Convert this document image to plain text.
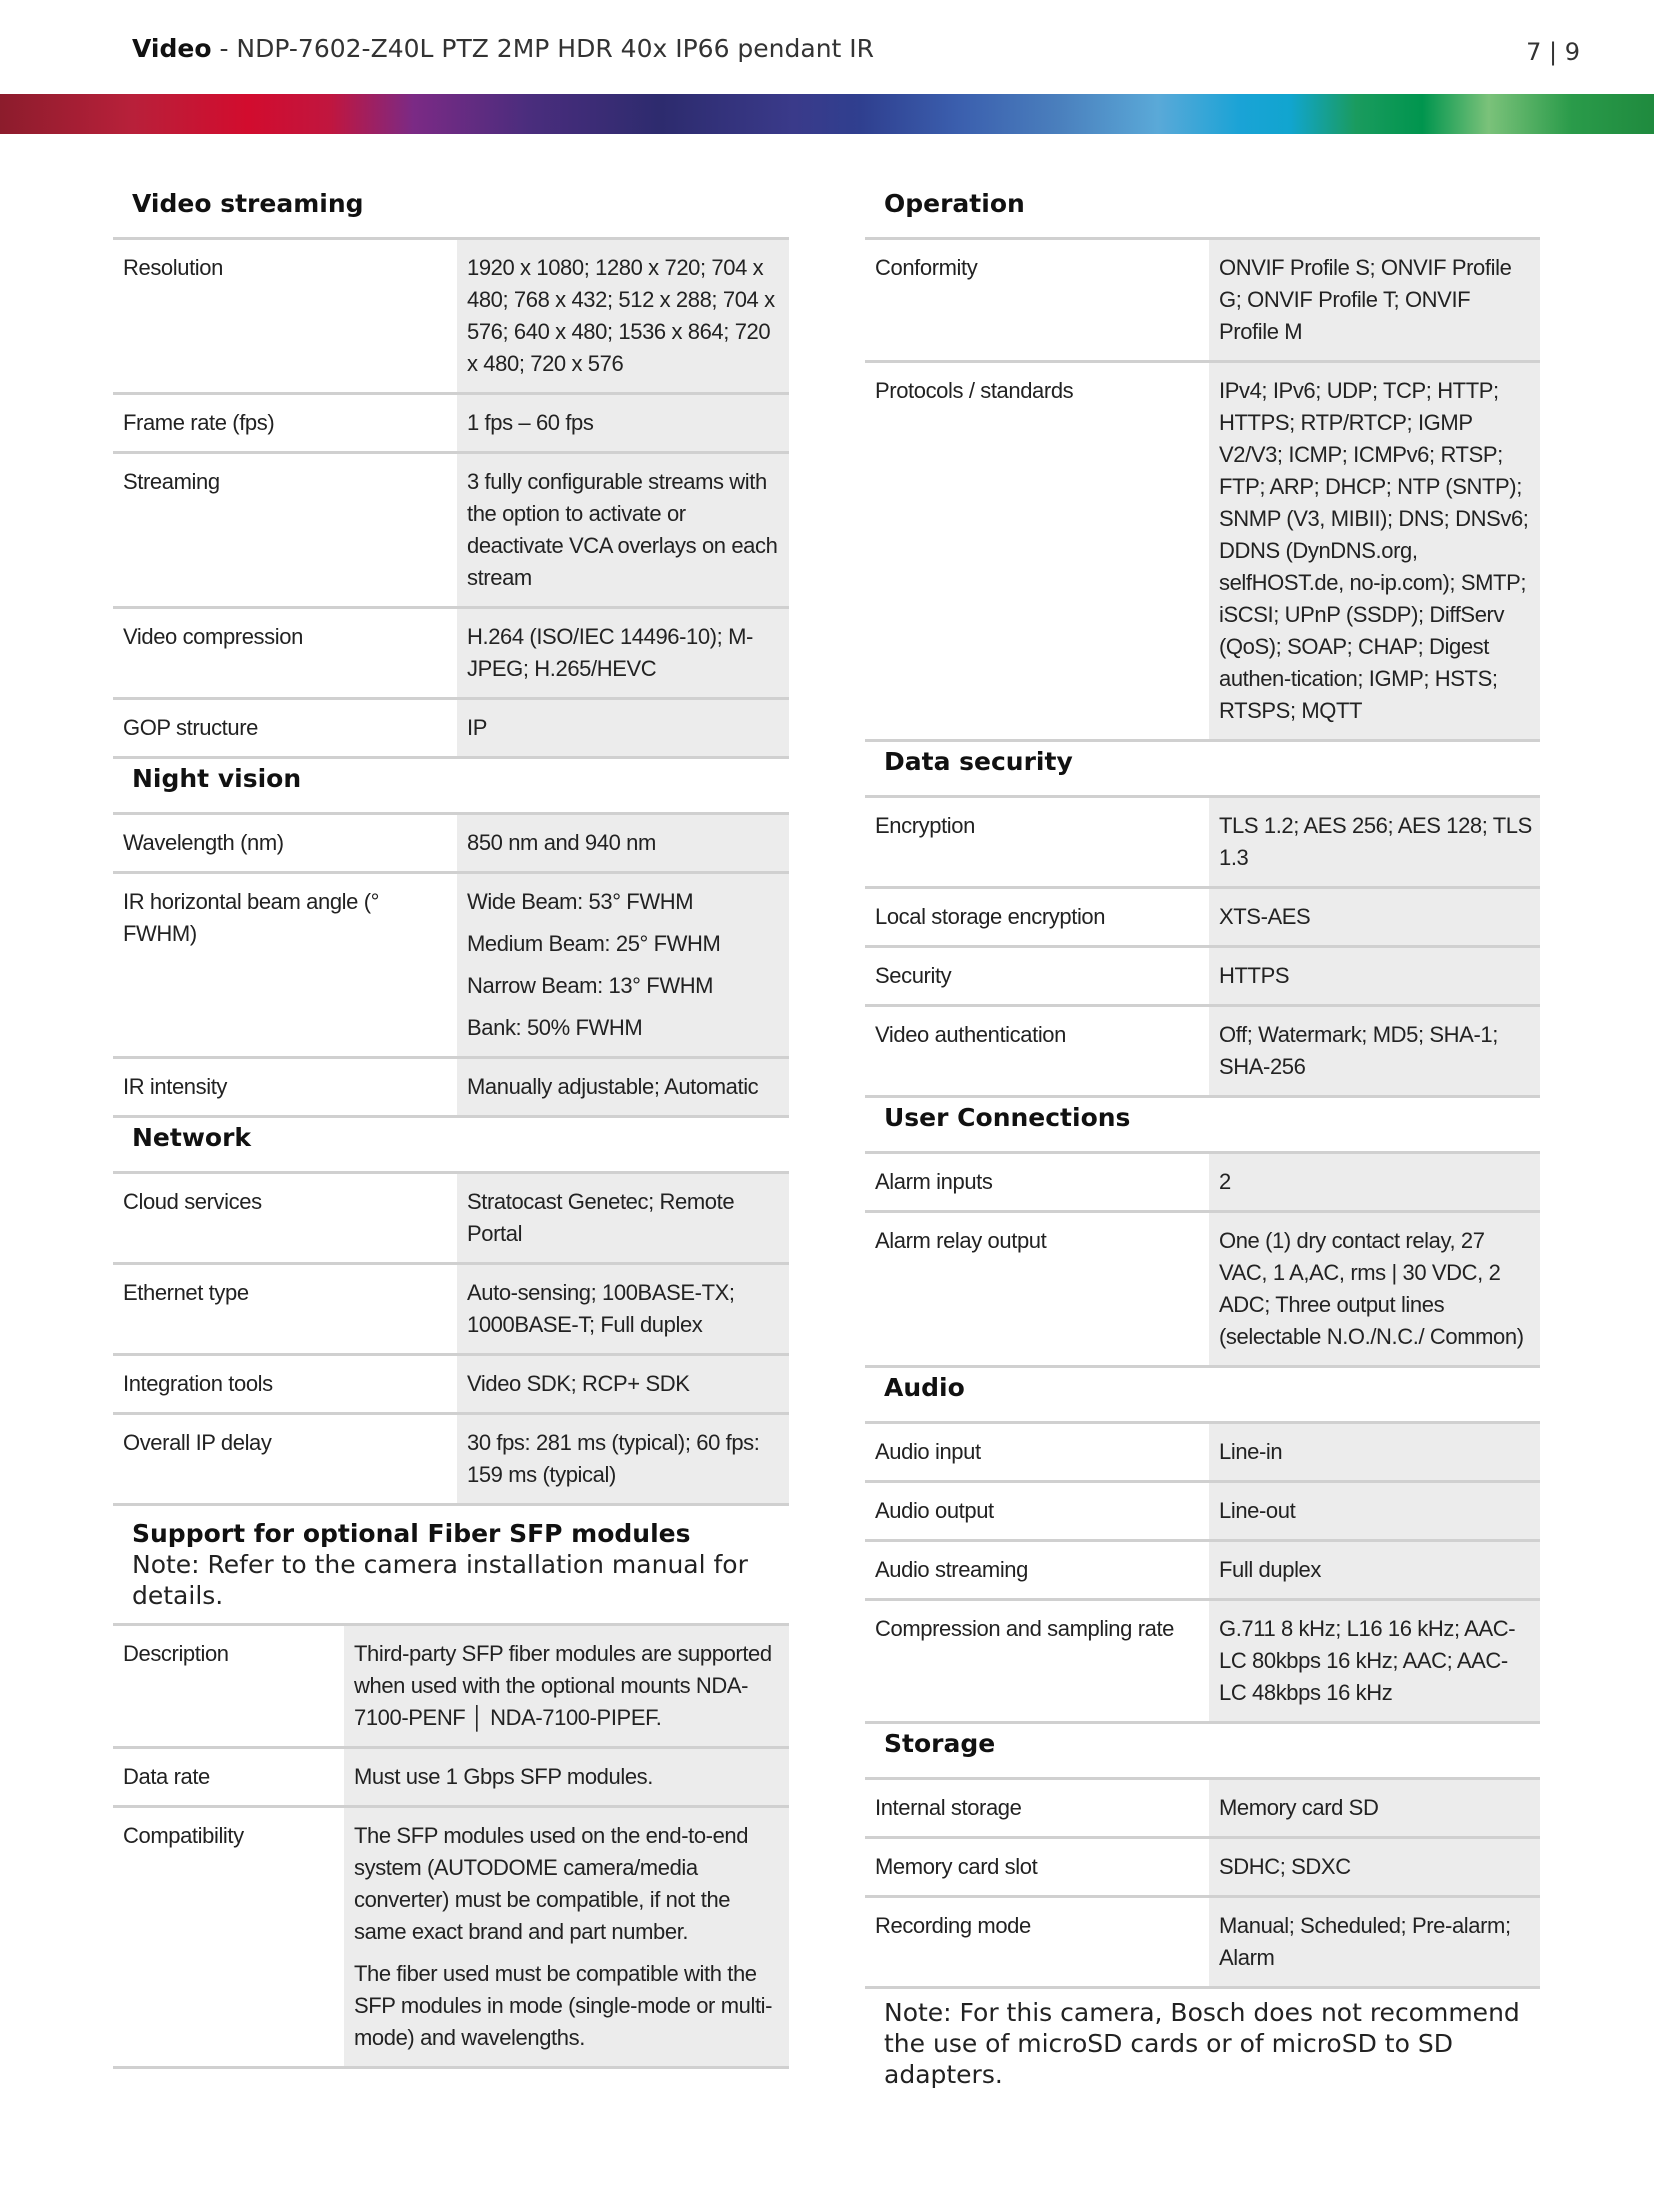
Video - NDP-7602-Z40L PTZ 2MP HDR 40x IP66 pendant IR	7 | 9
Video streaming
Resolution	1920 x 1080; 1280 x 720; 704 x 480; 768 x 432; 512 x 288; 704 x 576; 640 x 480; 1536 x 864; 720 x 480; 720 x 576

Frame rate (fps)	1 fps – 60 fps

Streaming	3 fully configurable streams with the option to activate or deactivate VCA overlays on each stream

Video compression	H.264 (ISO/IEC 14496-10); M-JPEG; H.265/HEVC

GOP structure	IP

Night vision
Wavelength (nm)	850 nm and 940 nm

IR horizontal beam angle (° FWHM)	Wide Beam: 53° FWHM

Medium Beam: 25° FWHM

Narrow Beam: 13° FWHM

Bank: 50% FWHM

IR intensity	Manually adjustable; Automatic

Network
Cloud services	Stratocast Genetec; Remote Portal

Ethernet type	Auto-sensing; 100BASE-TX; 1000BASE-T; Full duplex

Integration tools	Video SDK; RCP+ SDK

Overall IP delay	30 fps: 281 ms (typical); 60 fps: 159 ms (typical)

Support for optional Fiber SFP modules
Note: Refer to the camera installation manual for details.
Description	Third-party SFP fiber modules are supported when used with the optional mounts NDA-7100-PENF │ NDA-7100-PIPEF.

Data rate	Must use 1 Gbps SFP modules.

Compatibility	The SFP modules used on the end-to-end system (AUTODOME camera/media converter) must be compatible, if not the same exact brand and part number.

The fiber used must be compatible with the SFP modules in mode (single-mode or multi-mode) and wavelengths.

Operation
Conformity	ONVIF Profile S; ONVIF Profile G; ONVIF Profile T; ONVIF Profile M

Protocols / standards	IPv4; IPv6; UDP; TCP; HTTP; HTTPS; RTP/RTCP; IGMP V2/V3; ICMP; ICMPv6; RTSP; FTP; ARP; DHCP; NTP (SNTP); SNMP (V3, MIBII); DNS; DNSv6; DDNS (DynDNS.org, selfHOST.de, no-ip.com); SMTP; iSCSI; UPnP (SSDP); DiffServ (QoS); SOAP; CHAP; Digest authen-tication; IGMP; HSTS; RTSPS; MQTT

Data security
Encryption	TLS 1.2; AES 256; AES 128; TLS 1.3

Local storage encryption	XTS-AES

Security	HTTPS

Video authentication	Off; Watermark; MD5; SHA-1; SHA-256

User Connections
Alarm inputs	2

Alarm relay output	One (1) dry contact relay, 27 VAC, 1 A,AC, rms | 30 VDC, 2 ADC; Three output lines (selectable N.O./N.C./ Common)

Audio
Audio input	Line-in

Audio output	Line-out

Audio streaming	Full duplex

Compression and sampling rate	G.711 8 kHz; L16 16 kHz; AAC-LC 80kbps 16 kHz; AAC; AAC-LC 48kbps 16 kHz

Storage
Internal storage	Memory card SD

Memory card slot	SDHC; SDXC

Recording mode	Manual; Scheduled; Pre-alarm; Alarm

Note: For this camera, Bosch does not recommend the use of microSD cards or of microSD to SD adapters.
